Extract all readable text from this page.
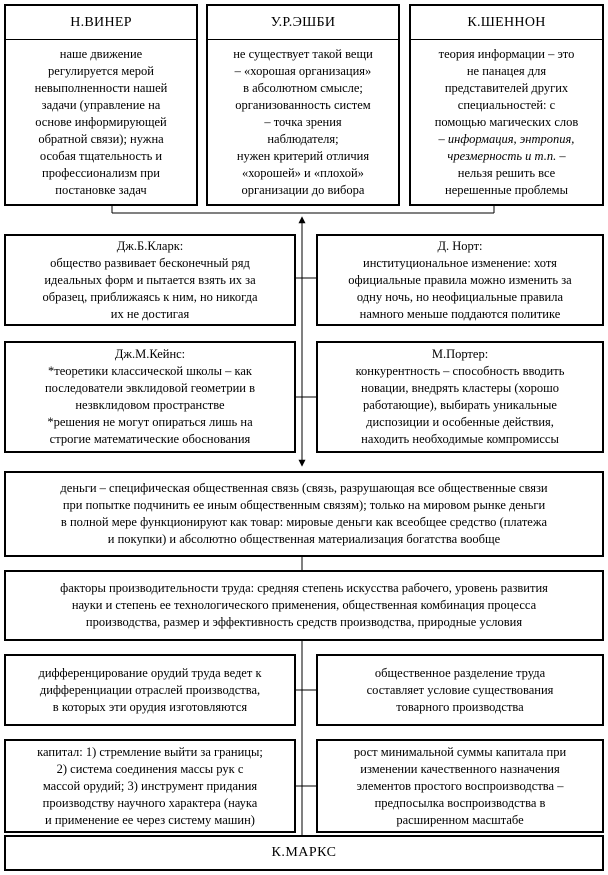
Н.ВИНЕР
наше движение
регулируется мерой
невыполненности нашей
задачи (управление на
основе информирующей
обратной связи); нужна
особая тщательность и
профессионализм при
постановке задач
У.Р.ЭШБИ
не существует такой вещи
– «хорошая организация»
в абсолютном смысле;
организованность систем
– точка зрения
наблюдателя;
нужен критерий отличия
«хорошей» и «плохой»
организации до вибора
К.ШЕННОН
теория информации – это
не панацея для
представителей других
специальностей: с
помощью магических слов
– информация, энтропия,
чрезмерность и т.п. –
нельзя решить все
нерешенные проблемы
Дж.Б.Кларк:
общество развивает бесконечный ряд
идеальных форм и пытается взять их за
образец, приближаясь к ним, но никогда
их не достигая
Д. Норт:
институциональное изменение: хотя
официальные правила можно изменить за
одну ночь, но неофициальные правила
намного меньше поддаются политике
Дж.М.Кейнс:
*теоретики классической школы – как
последователи эвклидовой геометрии в
незвклидовом пространстве
*решения не могут опираться лишь на
строгие математические обоснования
М.Портер:
конкурентность – способность вводить
новации, внедрять кластеры (хорошо
работающие), выбирать уникальные
диспозиции и особенные действия,
находить необходимые компромиссы
деньги – специфическая общественная связь (связь, разрушающая все общественные связи
при попытке подчинить ее иным общественным связям); только на мировом рынке деньги
в полной мере функционируют как товар: мировые деньги как всеобщее средство (платежа
и покупки) и абсолютно общественная материализация богатства вообще
факторы производительности труда: средняя степень искусства рабочего, уровень развития
науки и степень ее технологического применения, общественная комбинация процесса
производства, размер и эффективность средств производства, природные условия
дифференцирование орудий труда ведет к
дифференциации отраслей производства,
в которых эти орудия изготовляются
общественное разделение труда
составляет условие существования
товарного производства
капитал: 1) стремление выйти за границы;
2) система соединения массы рук с
массой орудий; 3) инструмент придания
производству научного характера (наука
и применение ее через систему машин)
рост минимальной суммы капитала при
изменении качественного назначения
элементов простого воспроизводства –
предпосылка воспроизводства в
расширенном масштабе
К.МАРКС
